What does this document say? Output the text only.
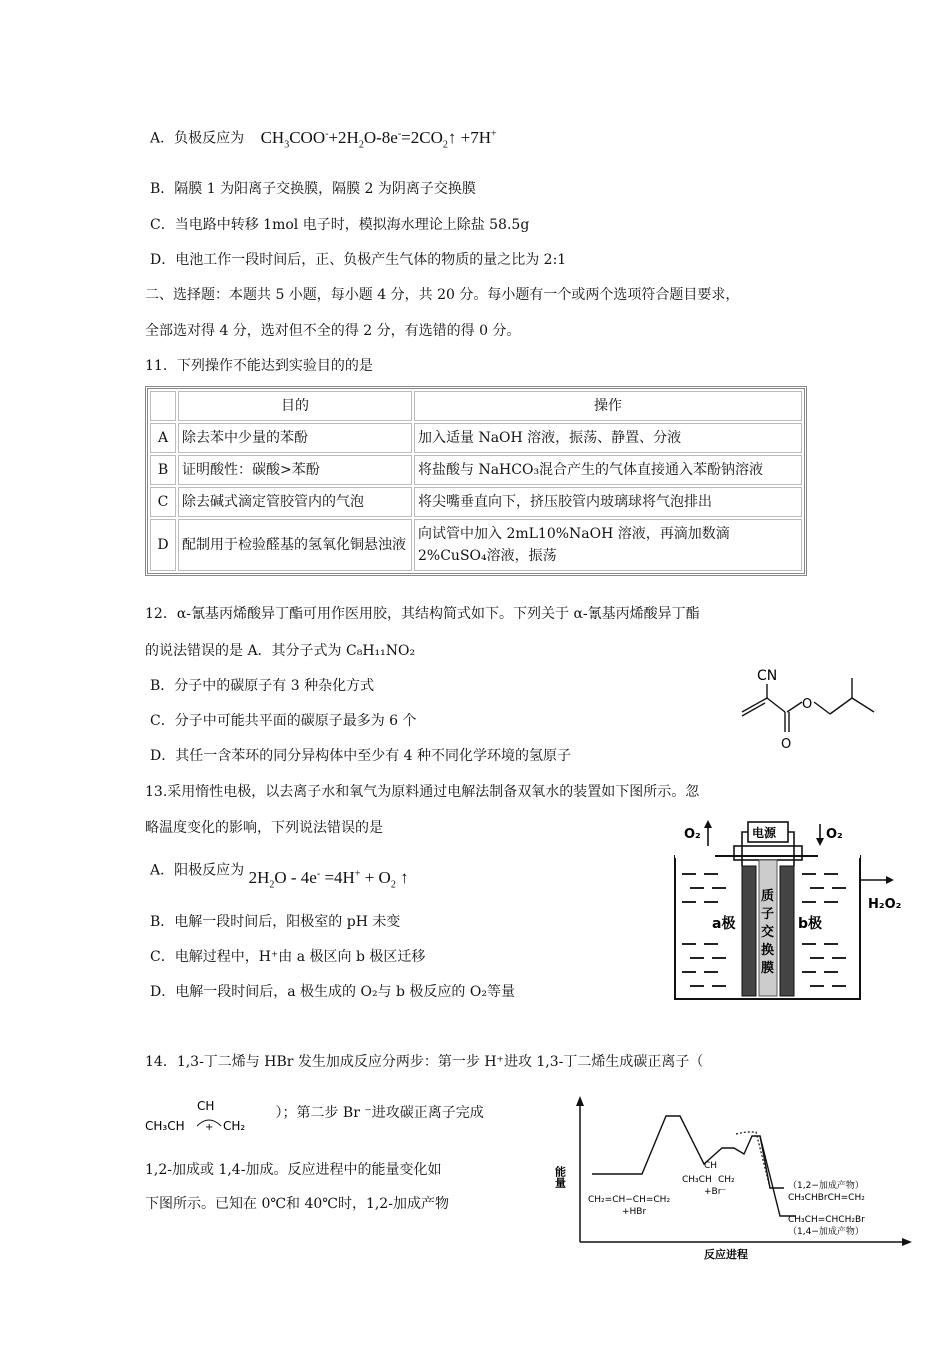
A．负极反应为 $CH_3COO^-+2H_2O-8e^-=2CO_2↑ +7H^+$
B．隔膜 1 为阳离子交换膜，隔膜 2 为阴离子交换膜
C．当电路中转移 1mol 电子时，模拟海水理论上除盐 58.5g
D．电池工作一段时间后，正、负极产生气体的物质的量之比为 2:1
二、选择题：本题共 5 小题，每小题 4 分，共 20 分。每小题有一个或两个选项符合题目要求，
全部选对得 4 分，选对但不全的得 2 分，有选错的得 0 分。
11．下列操作不能达到实验目的的是
	目的	操作
A	除去苯中少量的苯酚	加入适量 NaOH 溶液，振荡、静置、分液
B	证明酸性：碳酸>苯酚	将盐酸与 NaHCO₃混合产生的气体直接通入苯酚钠溶液
C	除去碱式滴定管胶管内的气泡	将尖嘴垂直向下，挤压胶管内玻璃球将气泡排出
D	配制用于检验醛基的氢氧化铜悬浊液	向试管中加入 2mL10%NaOH 溶液，再滴加数滴 2%CuSO₄溶液，振荡
12．α-氰基丙烯酸异丁酯可用作医用胶，其结构简式如下。下列关于 α-氰基丙烯酸异丁酯
的说法错误的是 A．其分子式为 C₈H₁₁NO₂
B．分子中的碳原子有 3 种杂化方式
C．分子中可能共平面的碳原子最多为 6 个
D．其任一含苯环的同分异构体中至少有 4 种不同化学环境的氢原子
CN
O
O
13.采用惰性电极，以去离子水和氧气为原料通过电解法制备双氧水的装置如下图所示。忽
略温度变化的影响，下列说法错误的是
A．阳极反应为 $2H_2O - 4e^- =4H^+ + O_2$ ↑
B．电解一段时间后，阳极室的 pH 未变
C．电解过程中，H⁺由 a 极区向 b 极区迁移
D．电解一段时间后，a 极生成的 O₂与 b 极反应的 O₂等量
O₂	O₂
电源
质
子
交
换
膜
a极	b极
H₂O₂
14．1,3-丁二烯与 HBr 发生加成反应分两步：第一步 H⁺进攻 1,3-丁二烯生成碳正离子（
CH
CH₃CH + CH₂
）；第二步 Br ⁻进攻碳正离子完成
1,2-加成或 1,4-加成。反应进程中的能量变化如
下图所示。已知在 0℃和 40℃时，1,2-加成产物
能量
反应进程
CH₂=CH−CH=CH₂
+HBr
CH
CH₃CH CH₂
+Br⁻
（1,2−加成产物）
CH₃CHBrCH=CH₂
CH₃CH=CHCH₂Br
（1,4−加成产物）
